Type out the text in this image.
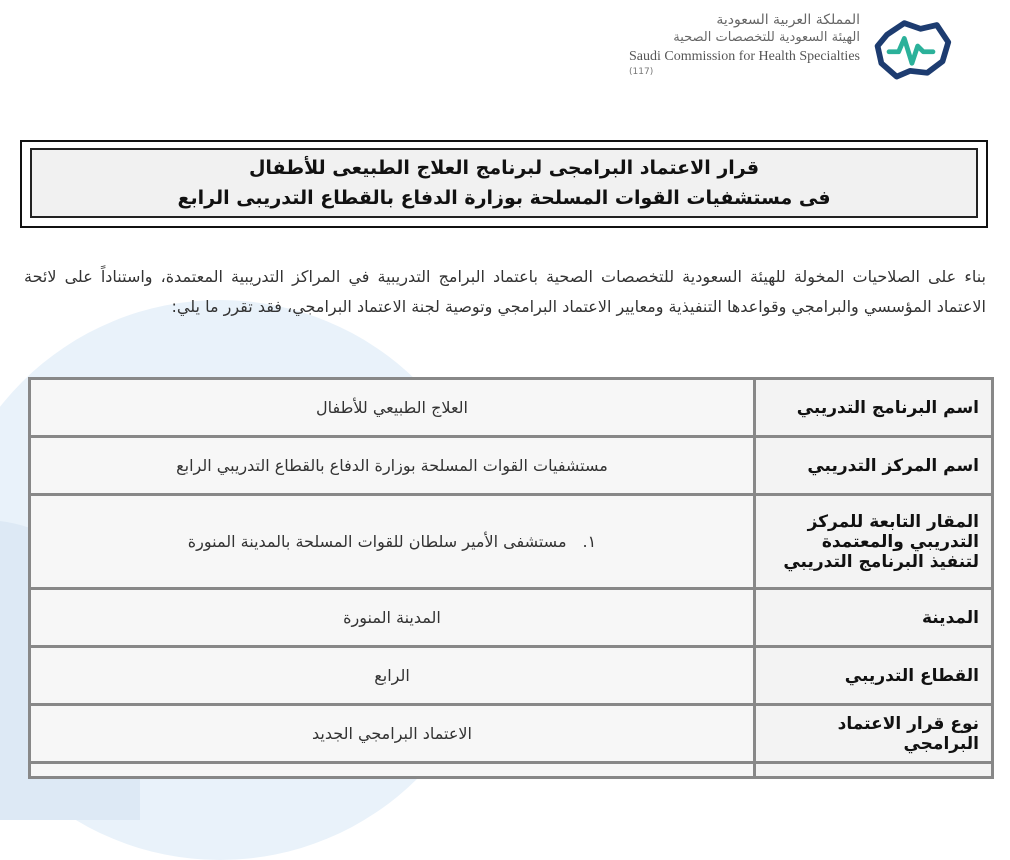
المملكة العربية السعودية
الهيئة السعودية للتخصصات الصحية
Saudi Commission for Health Specialties
(117)
قرار الاعتماد البرامجى لبرنامج العلاج الطبيعى للأطفال
فى مستشفيات القوات المسلحة بوزارة الدفاع بالقطاع التدريبى الرابع
بناء على الصلاحيات المخولة للهيئة السعودية للتخصصات الصحية باعتماد البرامج التدريبية في المراكز التدريبية المعتمدة، واستناداً على لائحة الاعتماد المؤسسي والبرامجي وقواعدها التنفيذية ومعايير الاعتماد البرامجي وتوصية لجنة الاعتماد البرامجي، فقد تقرر ما يلي:
اسم البرنامج التدريبي	العلاج الطبيعي للأطفال
اسم المركز التدريبي	مستشفيات القوات المسلحة بوزارة الدفاع بالقطاع التدريبي الرابع
المقار التابعة للمركز التدريبي والمعتمدة لتنفيذ البرنامج التدريبي	١.مستشفى الأمير سلطان للقوات المسلحة بالمدينة المنورة
المدينة	المدينة المنورة
القطاع التدريبي	الرابع
نوع قرار الاعتماد البرامجي	الاعتماد البرامجي الجديد
